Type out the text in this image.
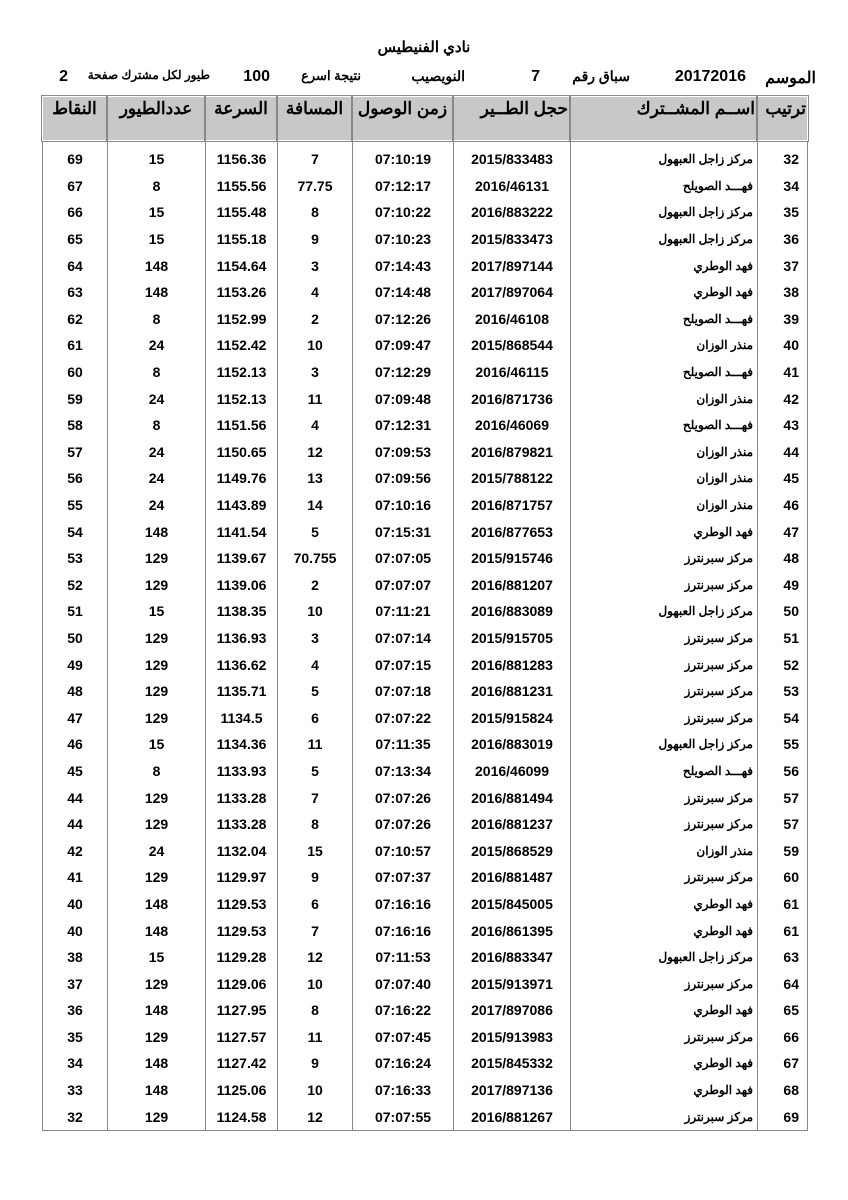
نادي الفنيطيس
الموسم
20172016
سباق رقم
7
النويصيب
نتيجة اسرع
100
طيور لكل مشترك صفحة
2
ترتيب	اســم المشــترك	حجل الطــير	زمن الوصول	المسافة	السرعة	عددالطيور	النقاط

32	مركز زاجل العبهول	2015/833483	07:10:19	7	1156.36	15	69
34	فهـــد الصويلح	2016/46131	07:12:17	77.75	1155.56	8	67
35	مركز زاجل العبهول	2016/883222	07:10:22	8	1155.48	15	66
36	مركز زاجل العبهول	2015/833473	07:10:23	9	1155.18	15	65
37	فهد الوطري	2017/897144	07:14:43	3	1154.64	148	64
38	فهد الوطري	2017/897064	07:14:48	4	1153.26	148	63
39	فهـــد الصويلح	2016/46108	07:12:26	2	1152.99	8	62
40	منذر الوزان	2015/868544	07:09:47	10	1152.42	24	61
41	فهـــد الصويلح	2016/46115	07:12:29	3	1152.13	8	60
42	منذر الوزان	2016/871736	07:09:48	11	1152.13	24	59
43	فهـــد الصويلح	2016/46069	07:12:31	4	1151.56	8	58
44	منذر الوزان	2016/879821	07:09:53	12	1150.65	24	57
45	منذر الوزان	2015/788122	07:09:56	13	1149.76	24	56
46	منذر الوزان	2016/871757	07:10:16	14	1143.89	24	55
47	فهد الوطري	2016/877653	07:15:31	5	1141.54	148	54
48	مركز سبرنترز	2015/915746	07:07:05	70.755	1139.67	129	53
49	مركز سبرنترز	2016/881207	07:07:07	2	1139.06	129	52
50	مركز زاجل العبهول	2016/883089	07:11:21	10	1138.35	15	51
51	مركز سبرنترز	2015/915705	07:07:14	3	1136.93	129	50
52	مركز سبرنترز	2016/881283	07:07:15	4	1136.62	129	49
53	مركز سبرنترز	2016/881231	07:07:18	5	1135.71	129	48
54	مركز سبرنترز	2015/915824	07:07:22	6	1134.5	129	47
55	مركز زاجل العبهول	2016/883019	07:11:35	11	1134.36	15	46
56	فهـــد الصويلح	2016/46099	07:13:34	5	1133.93	8	45
57	مركز سبرنترز	2016/881494	07:07:26	7	1133.28	129	44
57	مركز سبرنترز	2016/881237	07:07:26	8	1133.28	129	44
59	منذر الوزان	2015/868529	07:10:57	15	1132.04	24	42
60	مركز سبرنترز	2016/881487	07:07:37	9	1129.97	129	41
61	فهد الوطري	2015/845005	07:16:16	6	1129.53	148	40
61	فهد الوطري	2016/861395	07:16:16	7	1129.53	148	40
63	مركز زاجل العبهول	2016/883347	07:11:53	12	1129.28	15	38
64	مركز سبرنترز	2015/913971	07:07:40	10	1129.06	129	37
65	فهد الوطري	2017/897086	07:16:22	8	1127.95	148	36
66	مركز سبرنترز	2015/913983	07:07:45	11	1127.57	129	35
67	فهد الوطري	2015/845332	07:16:24	9	1127.42	148	34
68	فهد الوطري	2017/897136	07:16:33	10	1125.06	148	33
69	مركز سبرنترز	2016/881267	07:07:55	12	1124.58	129	32
